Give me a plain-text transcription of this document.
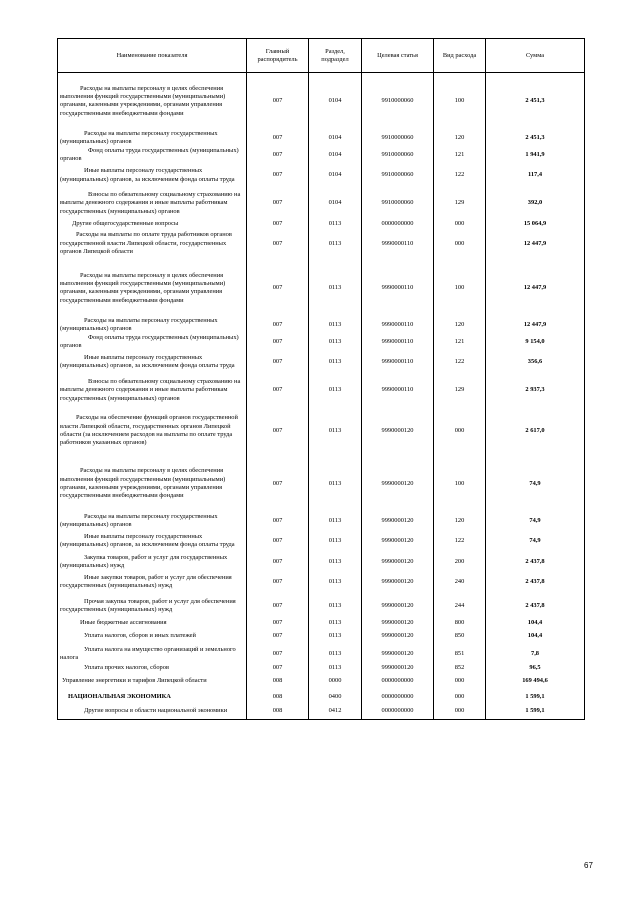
Наименование показателя	Главный распорядитель	Раздел, подраздел	Целевая статья	Вид расхода	Сумма
Расходы на выплаты персоналу в целях обеспечения выполнения функций государственными (муниципальными) органами, казенными учреждениями, органами управления государственными внебюджетными фондами	007	0104	9910000060	100	2 451,3
Расходы на выплаты персоналу государственных (муниципальных) органов	007	0104	9910000060	120	2 451,3
Фонд оплаты труда государственных (муниципальных) органов	007	0104	9910000060	121	1 941,9
Иные выплаты персоналу государственных (муниципальных) органов, за исключением фонда оплаты труда	007	0104	9910000060	122	117,4
Взносы по обязательному социальному страхованию на выплаты денежного содержания и иные выплаты работникам государственных (муниципальных) органов	007	0104	9910000060	129	392,0
Другие общегосударственные вопросы	007	0113	0000000000	000	15 064,9
Расходы на выплаты по оплате труда работников органов государственной власти Липецкой области, государственных органов Липецкой области	007	0113	9990000110	000	12 447,9
Расходы на выплаты персоналу в целях обеспечения выполнения функций государственными (муниципальными) органами, казенными учреждениями, органами управления государственными внебюджетными фондами	007	0113	9990000110	100	12 447,9
Расходы на выплаты персоналу государственных (муниципальных) органов	007	0113	9990000110	120	12 447,9
Фонд оплаты труда государственных (муниципальных) органов	007	0113	9990000110	121	9 154,0
Иные выплаты персоналу государственных (муниципальных) органов, за исключением фонда оплаты труда	007	0113	9990000110	122	356,6
Взносы по обязательному социальному страхованию на выплаты денежного содержания и иные выплаты работникам государственных (муниципальных) органов	007	0113	9990000110	129	2 937,3
Расходы на обеспечение функций органов государственной власти Липецкой области, государственных органов Липецкой области (за исключением расходов на выплаты по оплате труда работников указанных органов)	007	0113	9990000120	000	2 617,0
Расходы на выплаты персоналу в целях обеспечения выполнения функций государственными (муниципальными) органами, казенными учреждениями, органами управления государственными внебюджетными фондами	007	0113	9990000120	100	74,9
Расходы на выплаты персоналу государственных (муниципальных) органов	007	0113	9990000120	120	74,9
Иные выплаты персоналу государственных (муниципальных) органов, за исключением фонда оплаты труда	007	0113	9990000120	122	74,9
Закупка товаров, работ и услуг для государственных (муниципальных) нужд	007	0113	9990000120	200	2 437,8
Иные закупки товаров, работ и услуг для обеспечения государственных (муниципальных) нужд	007	0113	9990000120	240	2 437,8
Прочая закупка товаров, работ и услуг для обеспечения государственных (муниципальных) нужд	007	0113	9990000120	244	2 437,8
Иные бюджетные ассигнования	007	0113	9990000120	800	104,4
Уплата налогов, сборов и иных платежей	007	0113	9990000120	850	104,4
Уплата налога на имущество организаций и земельного налога	007	0113	9990000120	851	7,8
Уплата прочих налогов, сборов	007	0113	9990000120	852	96,5
Управление энергетики и тарифов Липецкой области	008	0000	0000000000	000	169 494,6
НАЦИОНАЛЬНАЯ ЭКОНОМИКА	008	0400	0000000000	000	1 599,1
Другие вопросы в области национальной экономики	008	0412	0000000000	000	1 599,1
67
